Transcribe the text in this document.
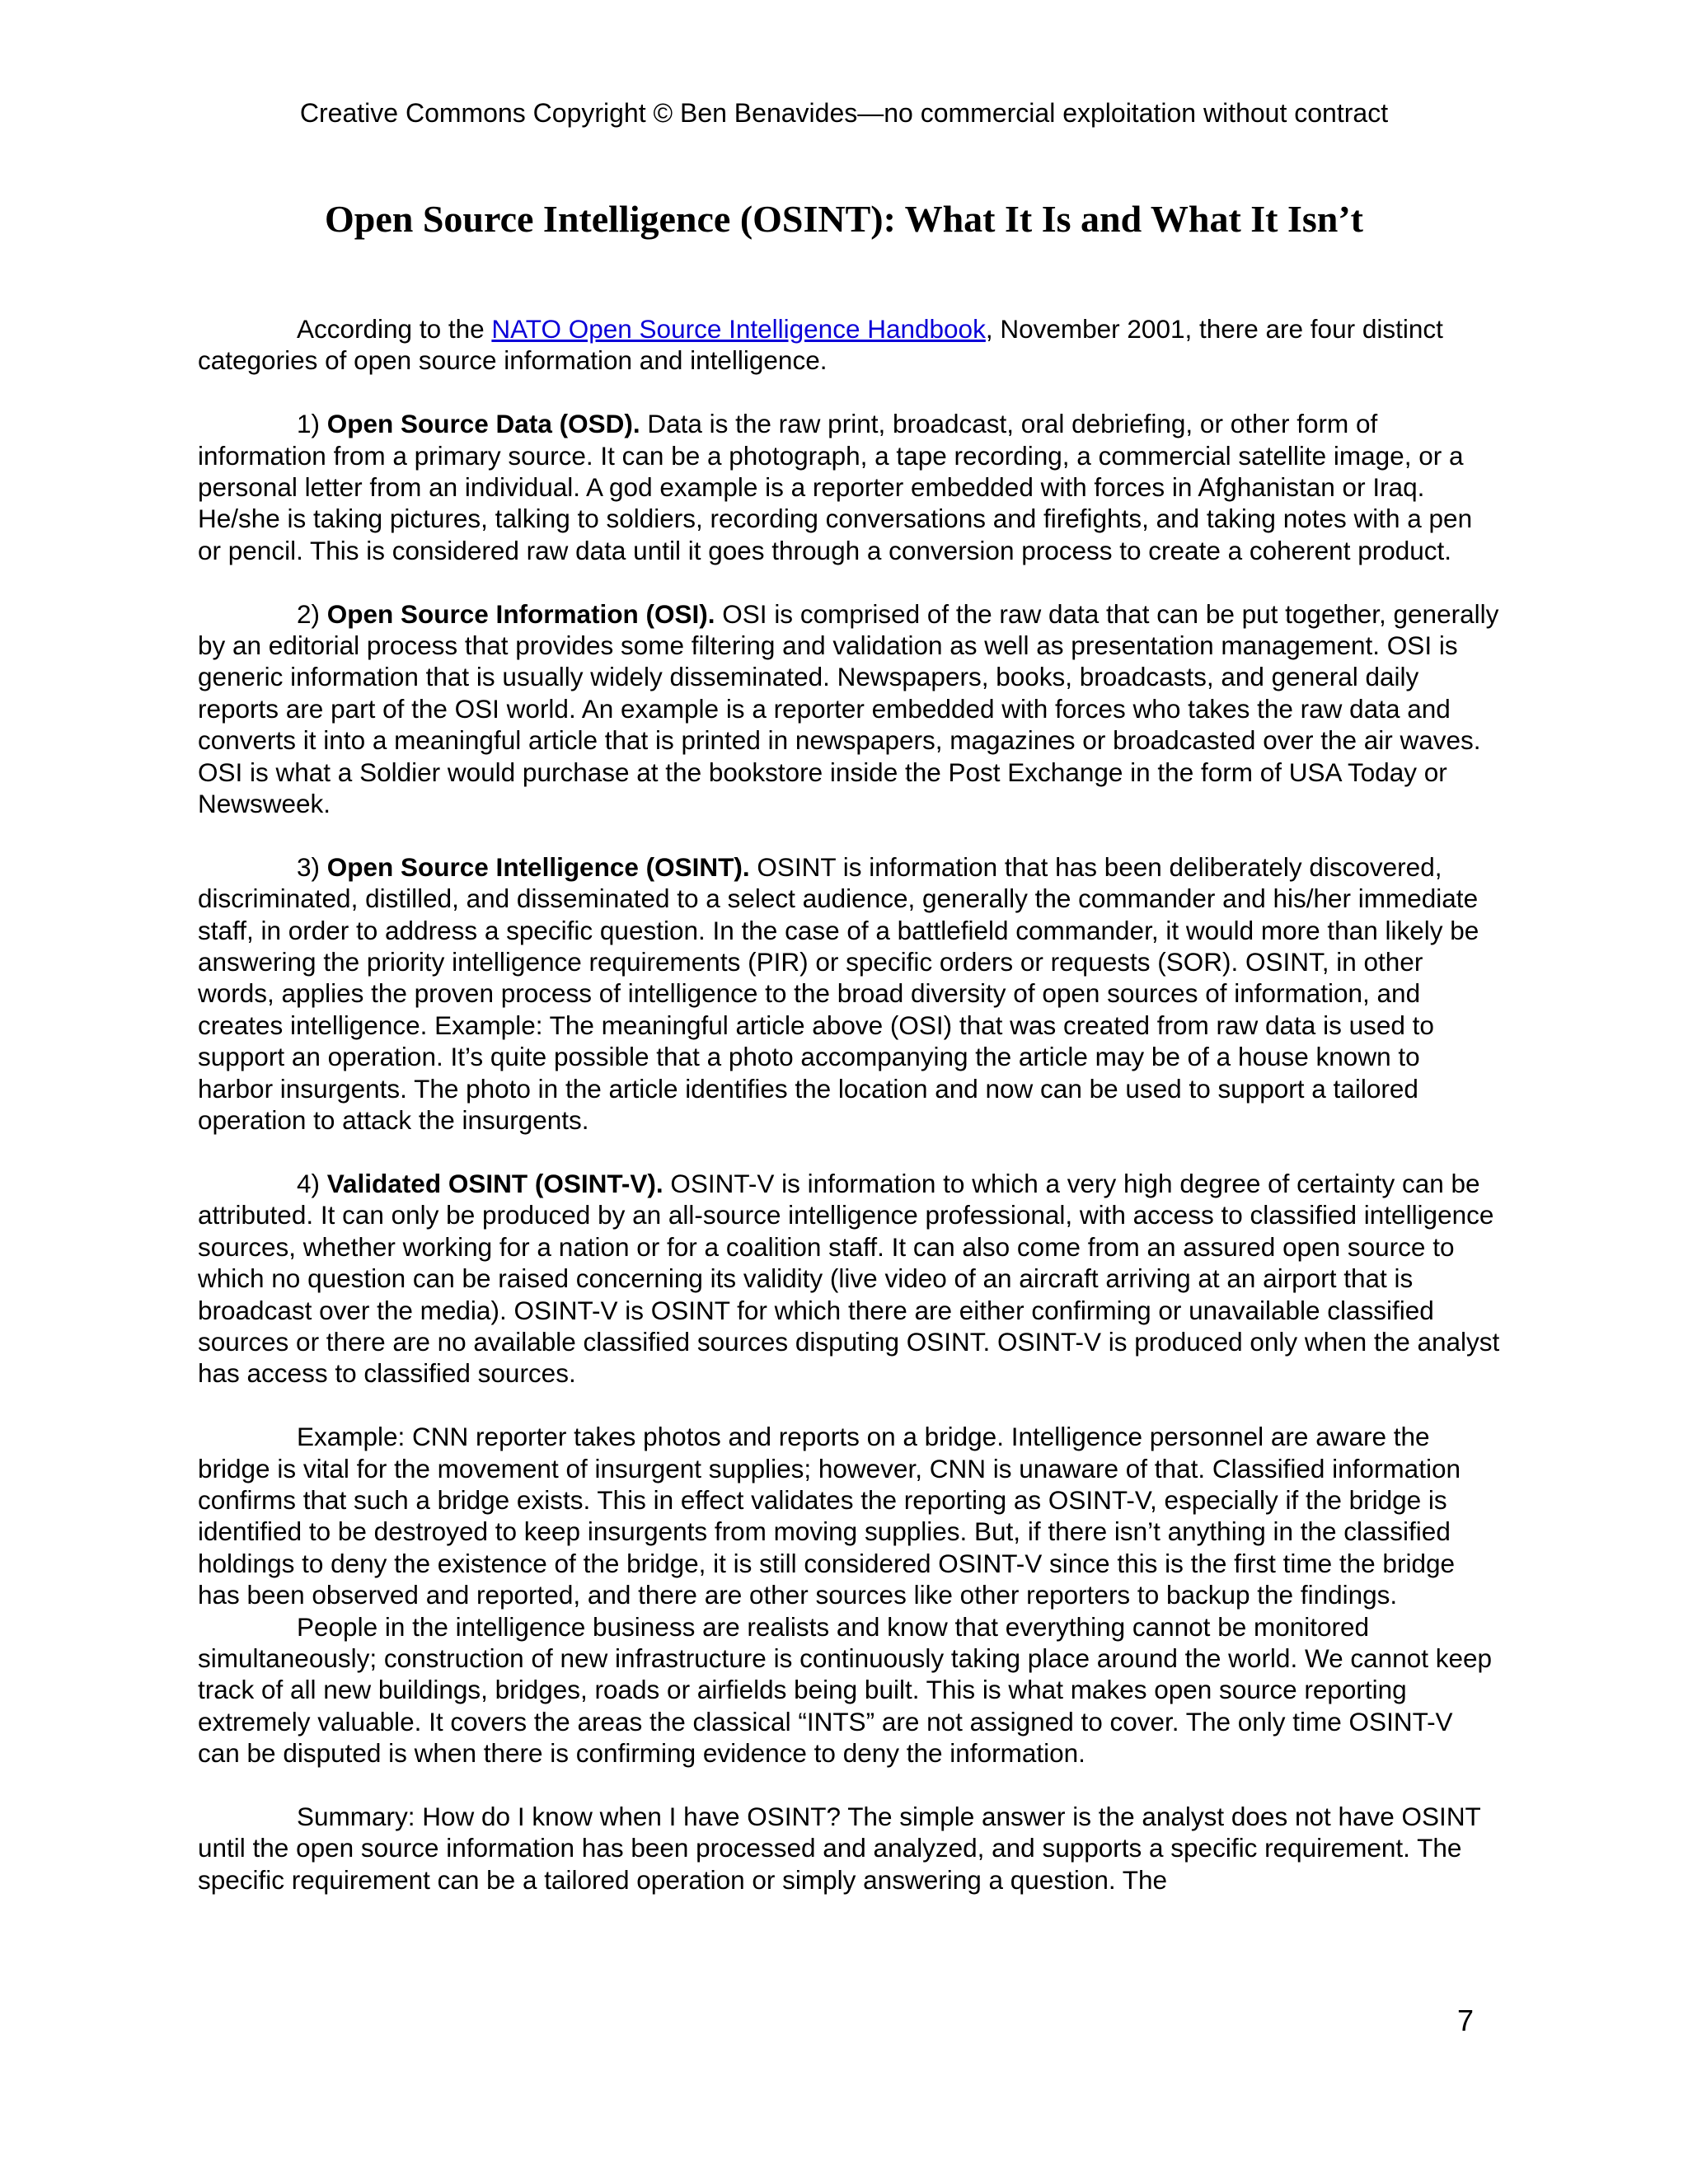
Creative Commons Copyright © Ben Benavides—no commercial exploitation without contract
Open Source Intelligence (OSINT): What It Is and What It Isn’t

According to the NATO Open Source Intelligence Handbook, November 2001, there are four distinct categories of open source information and intelligence.

1) Open Source Data (OSD). Data is the raw print, broadcast, oral debriefing, or other form of information from a primary source. It can be a photograph, a tape recording, a commercial satellite image, or a personal letter from an individual. A god example is a reporter embedded with forces in Afghanistan or Iraq. He/she is taking pictures, talking to soldiers, recording conversations and firefights, and taking notes with a pen or pencil. This is considered raw data until it goes through a conversion process to create a coherent product.

2) Open Source Information (OSI). OSI is comprised of the raw data that can be put together, generally by an editorial process that provides some filtering and validation as well as presentation management. OSI is generic information that is usually widely disseminated. Newspapers, books, broadcasts, and general daily reports are part of the OSI world. An example is a reporter embedded with forces who takes the raw data and converts it into a meaningful article that is printed in newspapers, magazines or broadcasted over the air waves. OSI is what a Soldier would purchase at the bookstore inside the Post Exchange in the form of USA Today or Newsweek.

3) Open Source Intelligence (OSINT). OSINT is information that has been deliberately discovered, discriminated, distilled, and disseminated to a select audience, generally the commander and his/her immediate staff, in order to address a specific question. In the case of a battlefield commander, it would more than likely be answering the priority intelligence requirements (PIR) or specific orders or requests (SOR). OSINT, in other words, applies the proven process of intelligence to the broad diversity of open sources of information, and creates intelligence. Example: The meaningful article above (OSI) that was created from raw data is used to support an operation. It’s quite possible that a photo accompanying the article may be of a house known to harbor insurgents. The photo in the article identifies the location and now can be used to support a tailored operation to attack the insurgents.

4) Validated OSINT (OSINT-V). OSINT-V is information to which a very high degree of certainty can be attributed. It can only be produced by an all-source intelligence professional, with access to classified intelligence sources, whether working for a nation or for a coalition staff. It can also come from an assured open source to which no question can be raised concerning its validity (live video of an aircraft arriving at an airport that is broadcast over the media). OSINT-V is OSINT for which there are either confirming or unavailable classified sources or there are no available classified sources disputing OSINT. OSINT-V is produced only when the analyst has access to classified sources.

Example: CNN reporter takes photos and reports on a bridge. Intelligence personnel are aware the bridge is vital for the movement of insurgent supplies; however, CNN is unaware of that. Classified information confirms that such a bridge exists. This in effect validates the reporting as OSINT-V, especially if the bridge is identified to be destroyed to keep insurgents from moving supplies. But, if there isn’t anything in the classified holdings to deny the existence of the bridge, it is still considered OSINT-V since this is the first time the bridge has been observed and reported, and there are other sources like other reporters to backup the findings.

People in the intelligence business are realists and know that everything cannot be monitored simultaneously; construction of new infrastructure is continuously taking place around the world. We cannot keep track of all new buildings, bridges, roads or airfields being built. This is what makes open source reporting extremely valuable. It covers the areas the classical “INTS” are not assigned to cover. The only time OSINT-V can be disputed is when there is confirming evidence to deny the information.

Summary: How do I know when I have OSINT? The simple answer is the analyst does not have OSINT until the open source information has been processed and analyzed, and supports a specific requirement. The specific requirement can be a tailored operation or simply answering a question. The

7
